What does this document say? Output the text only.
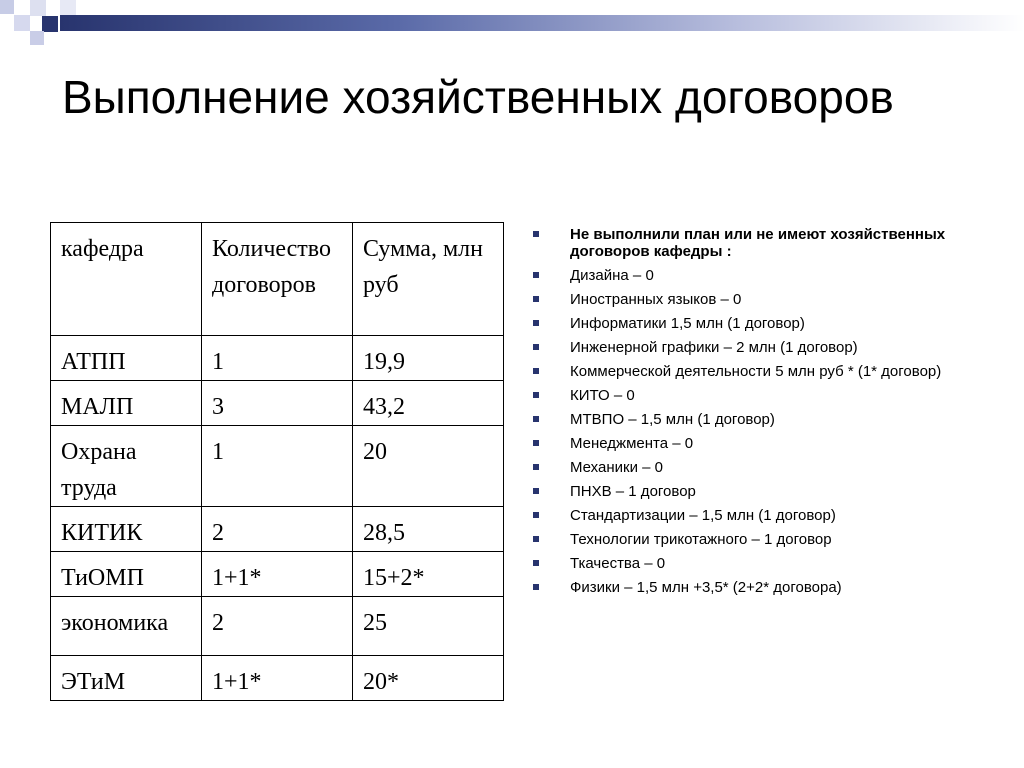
Выполнение хозяйственных договоров
кафедра	Количество договоров	Сумма, млн руб
АТПП	1	19,9
МАЛП	3	43,2
Охрана труда	1	20
КИТИК	2	28,5
ТиОМП	1+1*	15+2*
экономика	2	25
ЭТиМ	1+1*	20*
Не выполнили план или не имеют хозяйственных договоров кафедры :
Дизайна – 0
Иностранных языков – 0
Информатики 1,5 млн (1 договор)
Инженерной графики – 2 млн (1 договор)
Коммерческой деятельности 5 млн руб * (1* договор)
КИТО – 0
МТВПО – 1,5 млн (1 договор)
Менеджмента – 0
Механики – 0
ПНХВ – 1 договор
Стандартизации – 1,5 млн (1 договор)
Технологии трикотажного – 1 договор
Ткачества – 0
Физики – 1,5 млн +3,5* (2+2* договора)
